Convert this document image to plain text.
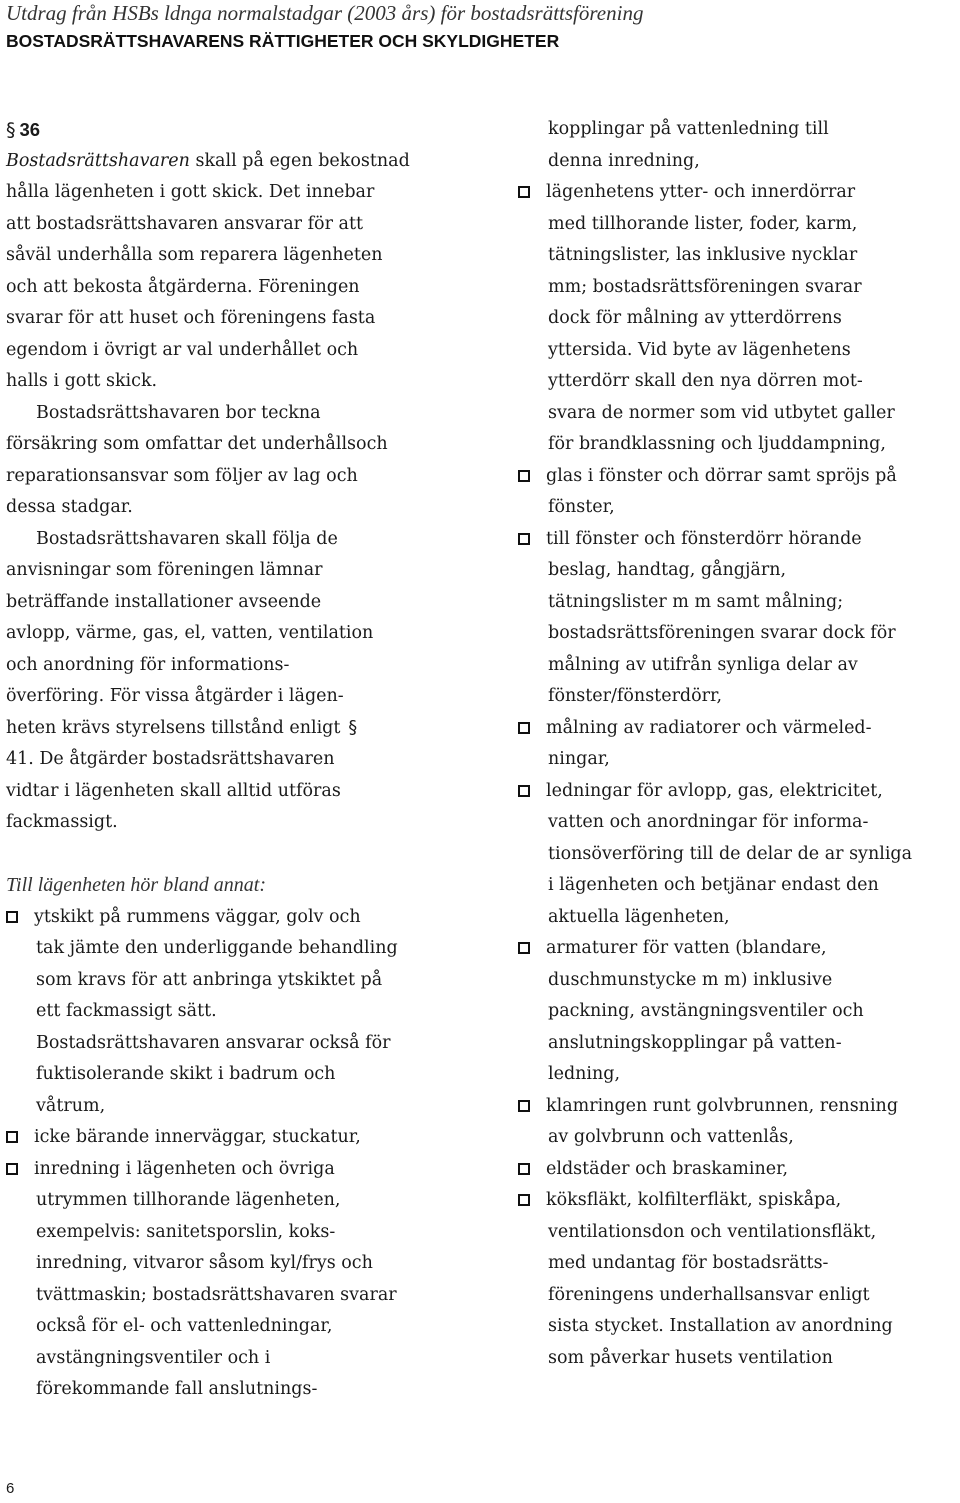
Utdrag från HSBs ldnga normalstadgar (2003 års) för bostadsrättsförening
BOSTADSRÄTTSHAVARENS RÄTTIGHETER OCH SKYLDIGHETER
§ 36
Bostadsrättshavaren skall på egen bekostnad
hålla lägenheten i gott skick. Det innebar
att bostadsrättshavaren ansvarar för att
såväl underhålla som reparera lägenheten
och att bekosta åtgärderna. Föreningen
svarar för att huset och föreningens fasta
egendom i övrigt ar val underhållet och
halls i gott skick.
Bostadsrättshavaren bor teckna
försäkring som omfattar det underhållsoch
reparationsansvar som följer av lag och
dessa stadgar.
Bostadsrättshavaren skall följa de
anvisningar som föreningen lämnar
beträffande installationer avseende
avlopp, värme, gas, el, vatten, ventilation
och anordning för informations-
överföring. För vissa åtgärder i lägen-
heten krävs styrelsens tillstånd enligt §
41. De åtgärder bostadsrättshavaren
vidtar i lägenheten skall alltid utföras
fackmassigt.
Till lägenheten hör bland annat:
ytskikt på rummens väggar, golv och
tak jämte den underliggande behandling
som kravs för att anbringa ytskiktet på
ett fackmassigt sätt.
Bostadsrättshavaren ansvarar också för
fuktisolerande skikt i badrum och
våtrum,
icke bärande innerväggar, stuckatur,
inredning i lägenheten och övriga
utrymmen tillhorande lägenheten,
exempelvis: sanitetsporslin, koks-
inredning, vitvaror såsom kyl/frys och
tvättmaskin; bostadsrättshavaren svarar
också för el- och vattenledningar,
avstängningsventiler och i
förekommande fall anslutnings-
kopplingar på vattenledning till
denna inredning,
lägenhetens ytter- och innerdörrar
med tillhorande lister, foder, karm,
tätningslister, las inklusive nycklar
mm; bostadsrättsföreningen svarar
dock för målning av ytterdörrens
yttersida. Vid byte av lägenhetens
ytterdörr skall den nya dörren mot-
svara de normer som vid utbytet galler
för brandklassning och ljuddampning,
glas i fönster och dörrar samt spröjs på
fönster,
till fönster och fönsterdörr hörande
beslag, handtag, gångjärn,
tätningslister m m samt målning;
bostadsrättsföreningen svarar dock för
målning av utifrån synliga delar av
fönster/fönsterdörr,
målning av radiatorer och värmeled-
ningar,
ledningar för avlopp, gas, elektricitet,
vatten och anordningar för informa-
tionsöverföring till de delar de ar synliga
i lägenheten och betjänar endast den
aktuella lägenheten,
armaturer för vatten (blandare,
duschmunstycke m m) inklusive
packning, avstängningsventiler och
anslutningskopplingar på vatten-
ledning,
klamringen runt golvbrunnen, rensning
av golvbrunn och vattenlås,
eldstäder och braskaminer,
köksfläkt, kolfilterfläkt, spiskåpa,
ventilationsdon och ventilationsfläkt,
med undantag för bostadsrätts-
föreningens underhallsansvar enligt
sista stycket. Installation av anordning
som påverkar husets ventilation
6
